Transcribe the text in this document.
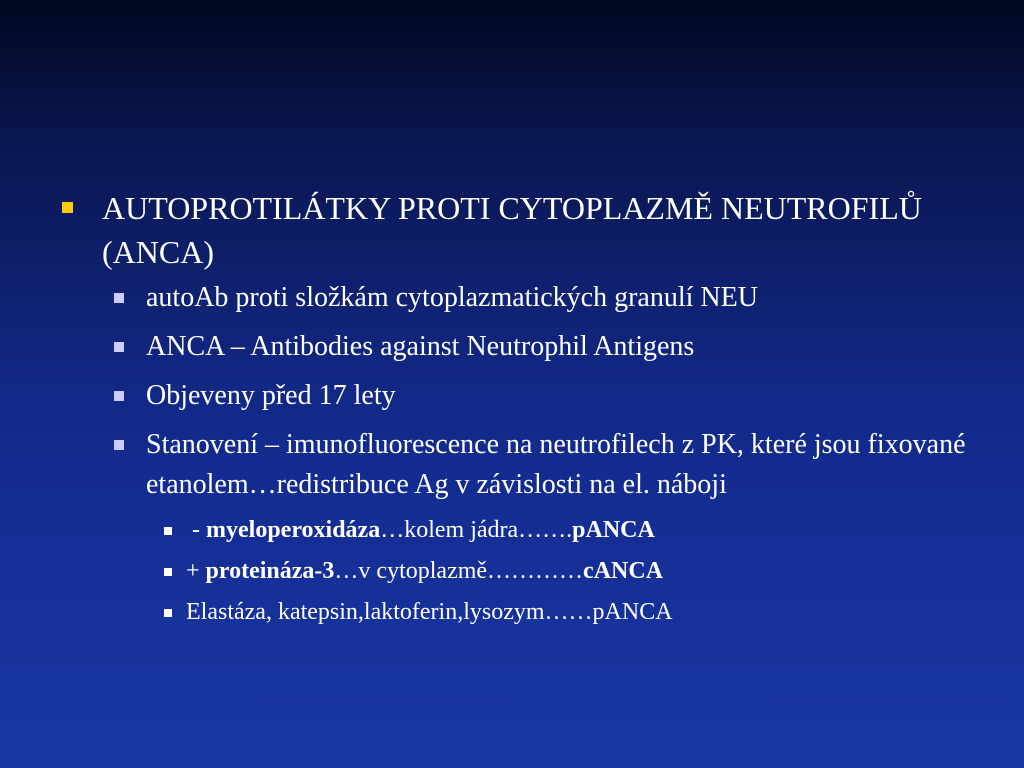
AUTOPROTILÁTKY PROTI CYTOPLAZMĚ NEUTROFILŮ (ANCA)
autoAb proti složkám cytoplazmatických granulí NEU
ANCA – Antibodies against Neutrophil Antigens
Objeveny před 17 lety
Stanovení – imunofluorescence na neutrofilech z PK, které jsou fixované etanolem…redistribuce Ag v závislosti na el. náboji
- myeloperoxidáza…kolem jádra…….pANCA
+ proteináza-3…v cytoplazmě…………cANCA
Elastáza, katepsin,laktoferin,lysozym……pANCA
